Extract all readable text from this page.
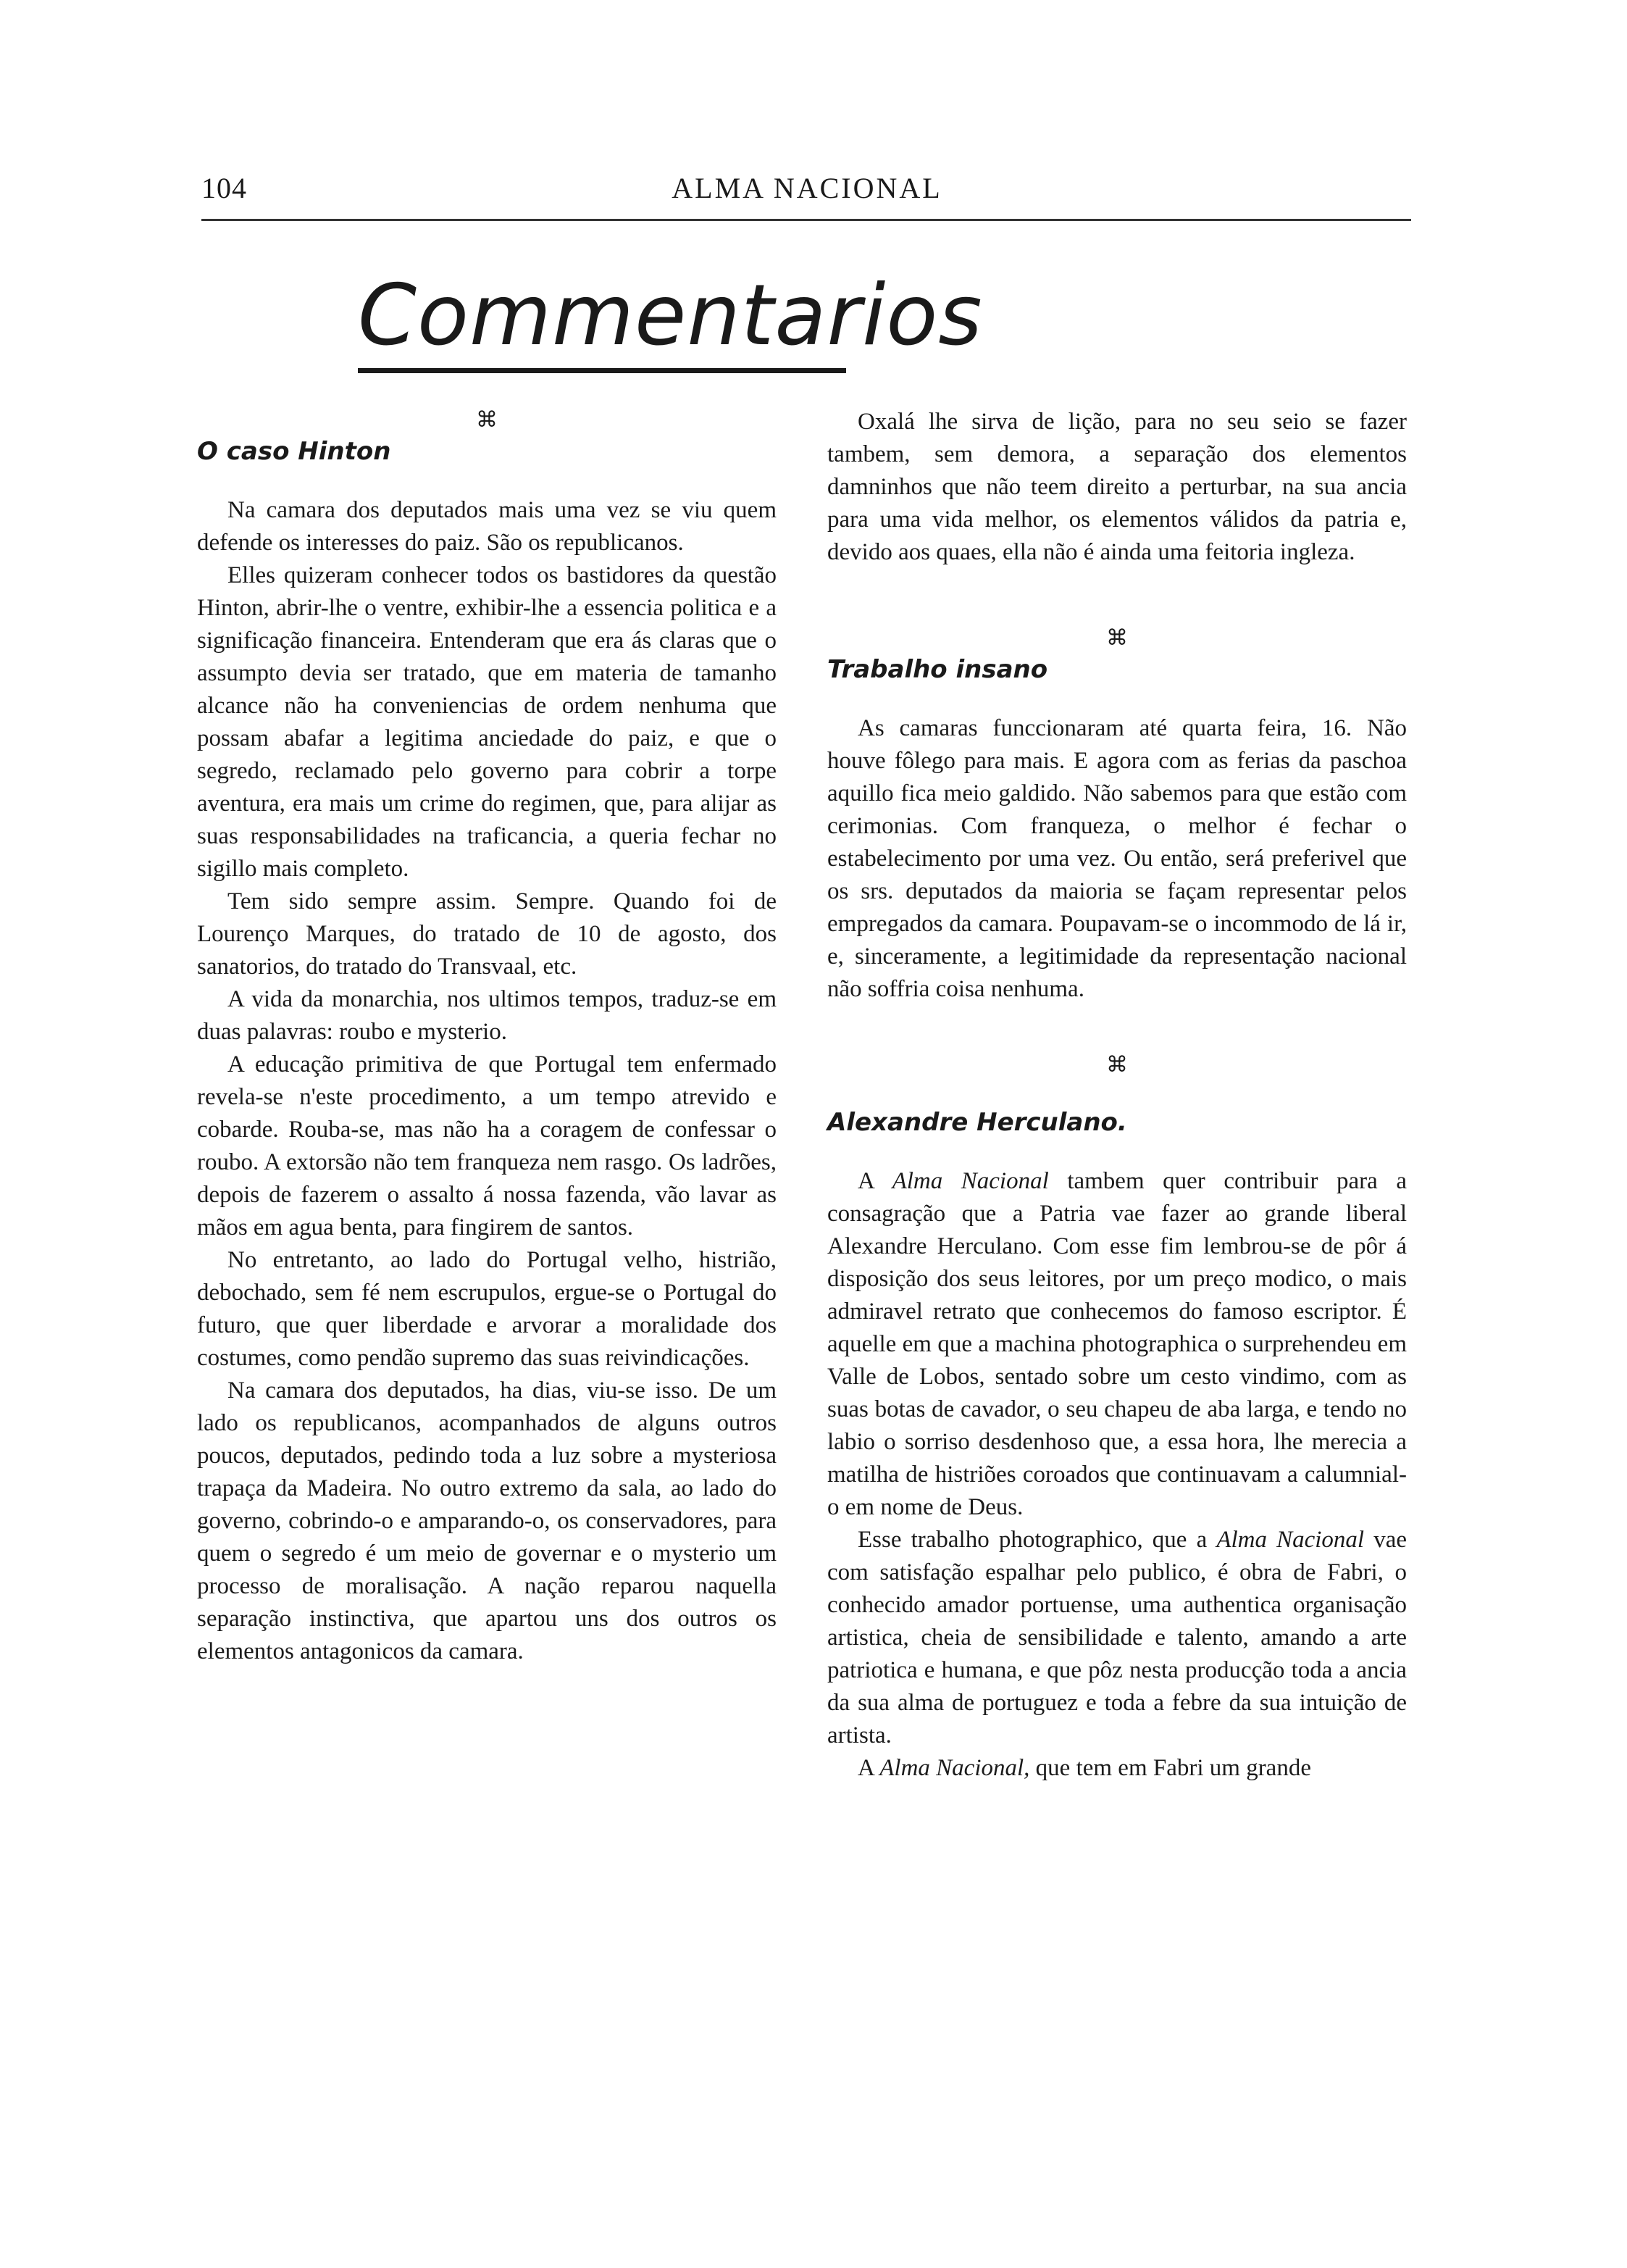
104	ALMA NACIONAL
Commentarios
⌘
O caso Hinton

Na camara dos deputados mais uma vez se viu quem defende os interesses do paiz. São os republicanos.

Elles quizeram conhecer todos os bastidores da questão Hinton, abrir-lhe o ventre, exhibir-lhe a essencia politica e a significação financeira. Entenderam que era ás claras que o assumpto devia ser tratado, que em materia de tamanho alcance não ha conveniencias de ordem nenhuma que possam abafar a legitima anciedade do paiz, e que o segredo, reclamado pelo governo para cobrir a torpe aventura, era mais um crime do regimen, que, para alijar as suas responsabilidades na traficancia, a queria fechar no sigillo mais completo.

Tem sido sempre assim. Sempre. Quando foi de Lourenço Marques, do tratado de 10 de agosto, dos sanatorios, do tratado do Transvaal, etc.

A vida da monarchia, nos ultimos tempos, traduz-se em duas palavras: roubo e mysterio.

A educação primitiva de que Portugal tem enfermado revela-se n'este procedimento, a um tempo atrevido e cobarde. Rouba-se, mas não ha a coragem de confessar o roubo. A extorsão não tem franqueza nem rasgo. Os ladrões, depois de fazerem o assalto á nossa fazenda, vão lavar as mãos em agua benta, para fingirem de santos.

No entretanto, ao lado do Portugal velho, histrião, debochado, sem fé nem escrupulos, ergue-se o Portugal do futuro, que quer liberdade e arvorar a moralidade dos costumes, como pendão supremo das suas reivindicações.

Na camara dos deputados, ha dias, viu-se isso. De um lado os republicanos, acompanhados de alguns outros poucos, deputados, pedindo toda a luz sobre a mysteriosa trapaça da Madeira. No outro extremo da sala, ao lado do governo, cobrindo-o e amparando-o, os conservadores, para quem o segredo é um meio de governar e o mysterio um processo de moralisação. A nação reparou naquella separação instinctiva, que apartou uns dos outros os elementos antagonicos da camara.

Oxalá lhe sirva de lição, para no seu seio se fazer tambem, sem demora, a separação dos elementos damninhos que não teem direito a perturbar, na sua ancia para uma vida melhor, os elementos válidos da patria e, devido aos quaes, ella não é ainda uma feitoria ingleza.

⌘
Trabalho insano

As camaras funccionaram até quarta feira, 16. Não houve fôlego para mais. E agora com as ferias da paschoa aquillo fica meio galdido. Não sabemos para que estão com cerimonias. Com franqueza, o melhor é fechar o estabelecimento por uma vez. Ou então, será preferivel que os srs. deputados da maioria se façam representar pelos empregados da camara. Poupavam-se o incommodo de lá ir, e, sinceramente, a legitimidade da representação nacional não soffria coisa nenhuma.

⌘
Alexandre Herculano.

A Alma Nacional tambem quer contribuir para a consagração que a Patria vae fazer ao grande liberal Alexandre Herculano. Com esse fim lembrou-se de pôr á disposição dos seus leitores, por um preço modico, o mais admiravel retrato que conhecemos do famoso escriptor. É aquelle em que a machina photographica o surprehendeu em Valle de Lobos, sentado sobre um cesto vindimo, com as suas botas de cavador, o seu chapeu de aba larga, e tendo no labio o sorriso desdenhoso que, a essa hora, lhe merecia a matilha de histriões coroados que continuavam a calumnial-o em nome de Deus.

Esse trabalho photographico, que a Alma Nacional vae com satisfação espalhar pelo publico, é obra de Fabri, o conhecido amador portuense, uma authentica organisação artistica, cheia de sensibilidade e talento, amando a arte patriotica e humana, e que pôz nesta producção toda a ancia da sua alma de portuguez e toda a febre da sua intuição de artista.

A Alma Nacional, que tem em Fabri um grande
